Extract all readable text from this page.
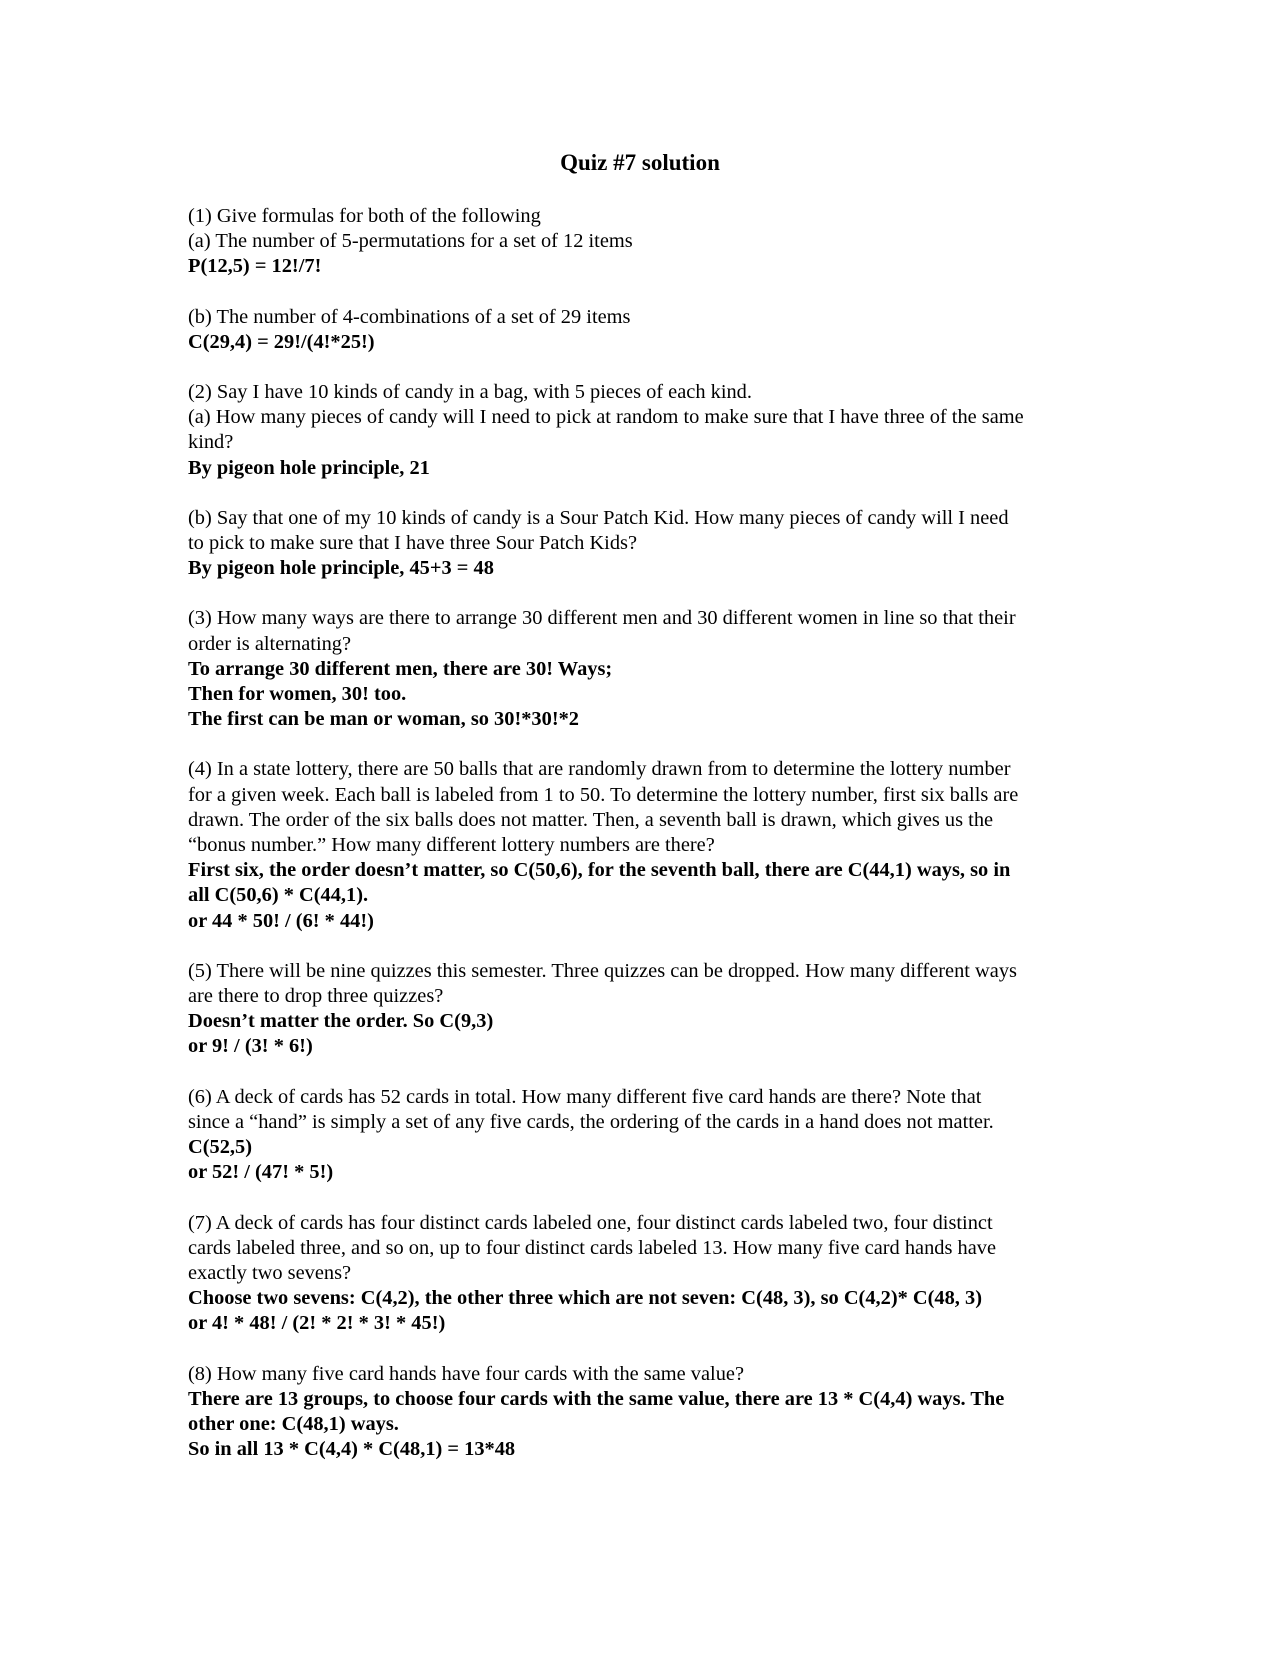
Quiz #7 solution
(1) Give formulas for both of the following
(a) The number of 5-permutations for a set of 12 items
P(12,5) = 12!/7!
(b) The number of 4-combinations of a set of 29 items
C(29,4) = 29!/(4!*25!)
(2) Say I have 10 kinds of candy in a bag, with 5 pieces of each kind.
(a) How many pieces of candy will I need to pick at random to make sure that I have three of the same
kind?
By pigeon hole principle, 21
(b) Say that one of my 10 kinds of candy is a Sour Patch Kid. How many pieces of candy will I need
to pick to make sure that I have three Sour Patch Kids?
By pigeon hole principle, 45+3 = 48
(3) How many ways are there to arrange 30 different men and 30 different women in line so that their
order is alternating?
To arrange 30 different men, there are 30! Ways;
Then for women, 30! too.
The first can be man or woman, so 30!*30!*2
(4) In a state lottery, there are 50 balls that are randomly drawn from to determine the lottery number
for a given week. Each ball is labeled from 1 to 50. To determine the lottery number, first six balls are
drawn. The order of the six balls does not matter. Then, a seventh ball is drawn, which gives us the
“bonus number.” How many different lottery numbers are there?
First six, the order doesn’t matter, so C(50,6), for the seventh ball, there are C(44,1) ways, so in
all C(50,6) * C(44,1).
or 44 * 50! / (6! * 44!)
(5) There will be nine quizzes this semester. Three quizzes can be dropped. How many different ways
are there to drop three quizzes?
Doesn’t matter the order. So C(9,3)
or 9! / (3! * 6!)
(6) A deck of cards has 52 cards in total. How many different five card hands are there? Note that
since a “hand” is simply a set of any five cards, the ordering of the cards in a hand does not matter.
C(52,5)
or 52! / (47! * 5!)
(7) A deck of cards has four distinct cards labeled one, four distinct cards labeled two, four distinct
cards labeled three, and so on, up to four distinct cards labeled 13. How many five card hands have
exactly two sevens?
Choose two sevens: C(4,2), the other three which are not seven: C(48, 3), so C(4,2)* C(48, 3)
or 4! * 48! / (2! * 2! * 3! * 45!)
(8) How many five card hands have four cards with the same value?
There are 13 groups, to choose four cards with the same value, there are 13 * C(4,4) ways. The
other one: C(48,1) ways.
So in all 13 * C(4,4) * C(48,1) = 13*48
